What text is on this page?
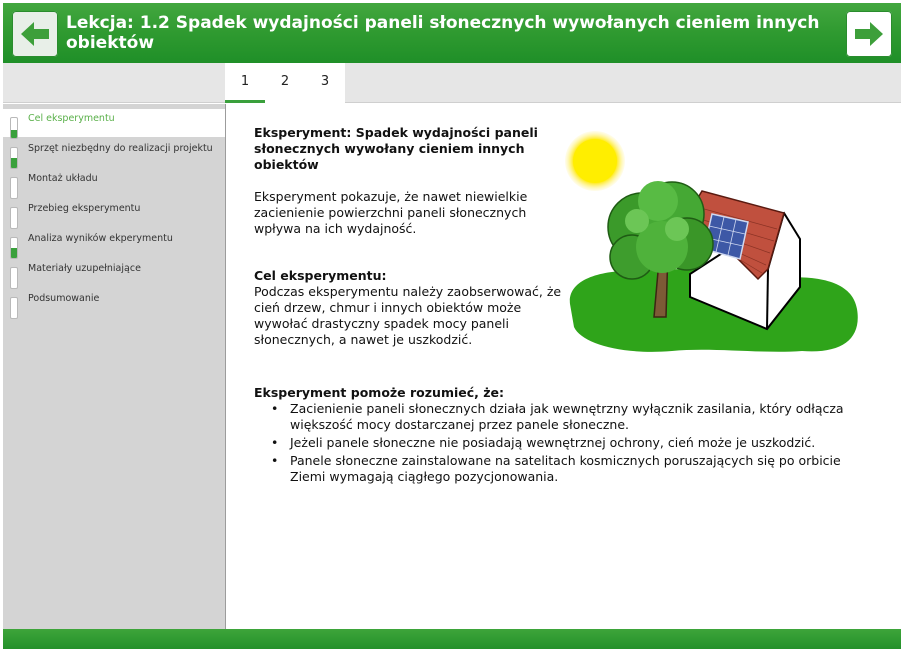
Lekcja: 1.2 Spadek wydajności paneli słonecznych wywołanych cieniem innych obiektów
1	2	3
Cel eksperymentu
Sprzęt niezbędny do realizacji projektu
Montaż układu
Przebieg eksperymentu
Analiza wyników ekperymentu
Materiały uzupełniające
Podsumowanie
Eksperyment: Spadek wydajności paneli słonecznych wywołany cieniem innych obiektów
Eksperyment pokazuje, że nawet niewielkie zacienienie powierzchni paneli słonecznych wpływa na ich wydajność.
Cel eksperymentu:
Podczas eksperymentu należy zaobserwować, że cień drzew, chmur i innych obiektów może wywołać drastyczny spadek mocy paneli słonecznych, a nawet je uszkodzić.
Eksperyment pomoże rozumieć, że:
• Zacienienie paneli słonecznych działa jak wewnętrzny wyłącznik zasilania, który odłącza większość mocy dostarczanej przez panele słoneczne.
• Jeżeli panele słoneczne nie posiadają wewnętrznej ochrony, cień może je uszkodzić.
• Panele słoneczne zainstalowane na satelitach kosmicznych poruszających się po orbicie Ziemi wymagają ciągłego pozycjonowania.
